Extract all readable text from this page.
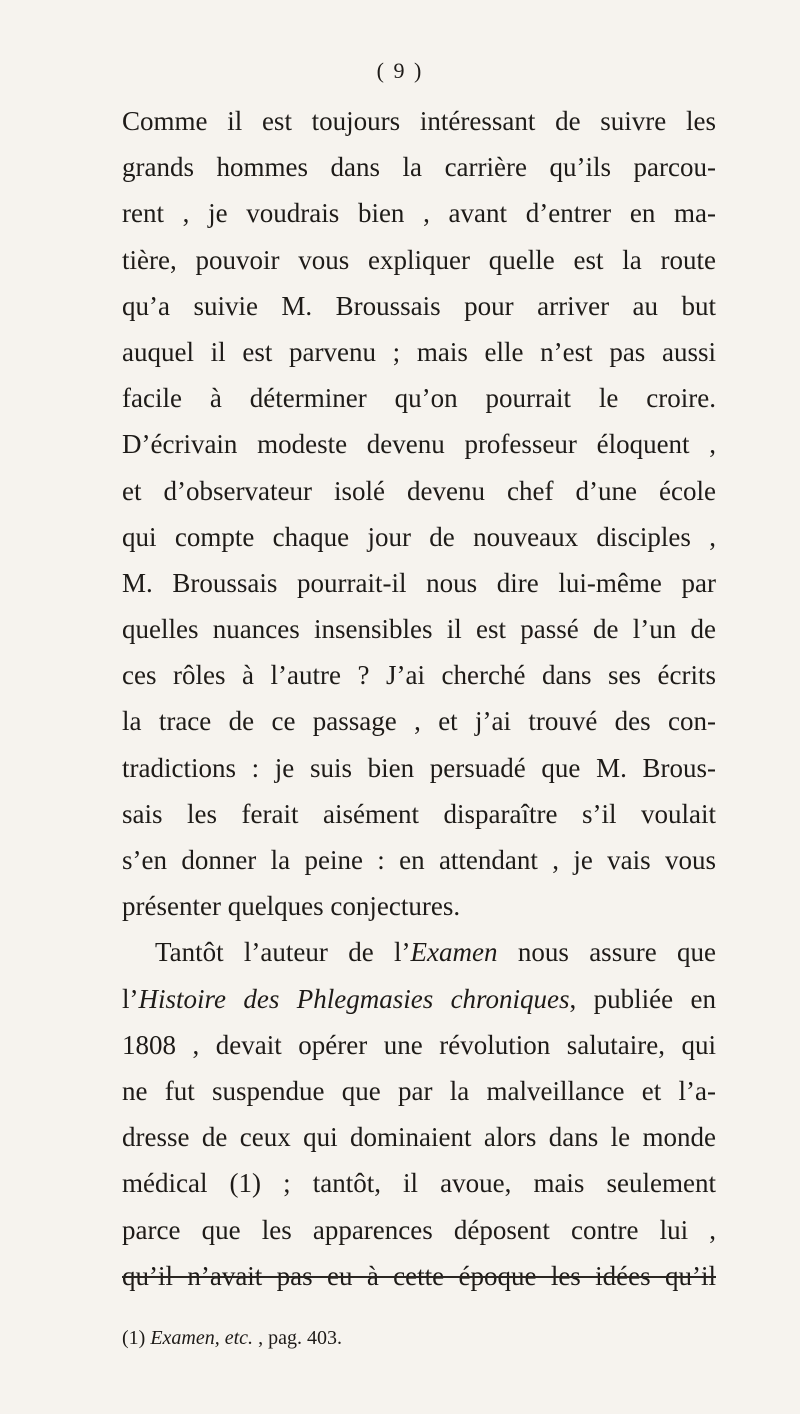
( 9 )
Comme il est toujours intéressant de suivre les
grands hommes dans la carrière qu’ils parcou-
rent , je voudrais bien , avant d’entrer en ma-
tière, pouvoir vous expliquer quelle est la route
qu’a suivie M. Broussais pour arriver au but
auquel il est parvenu ; mais elle n’est pas aussi
facile à déterminer qu’on pourrait le croire.
D’écrivain modeste devenu professeur éloquent ,
et d’observateur isolé devenu chef d’une école
qui compte chaque jour de nouveaux disciples ,
M. Broussais pourrait-il nous dire lui-même par
quelles nuances insensibles il est passé de l’un de
ces rôles à l’autre ? J’ai cherché dans ses écrits
la trace de ce passage , et j’ai trouvé des con-
tradictions : je suis bien persuadé que M. Brous-
sais les ferait aisément disparaître s’il voulait
s’en donner la peine : en attendant , je vais vous
présenter quelques conjectures.
Tantôt l’auteur de l’Examen nous assure que
l’Histoire des Phlegmasies chroniques, publiée en
1808 , devait opérer une révolution salutaire, qui
ne fut suspendue que par la malveillance et l’a-
dresse de ceux qui dominaient alors dans le monde
médical (1) ; tantôt, il avoue, mais seulement
parce que les apparences déposent contre lui ,
qu’il n’avait pas eu à cette époque les idées qu’il
(1) Examen, etc. , pag. 403.
